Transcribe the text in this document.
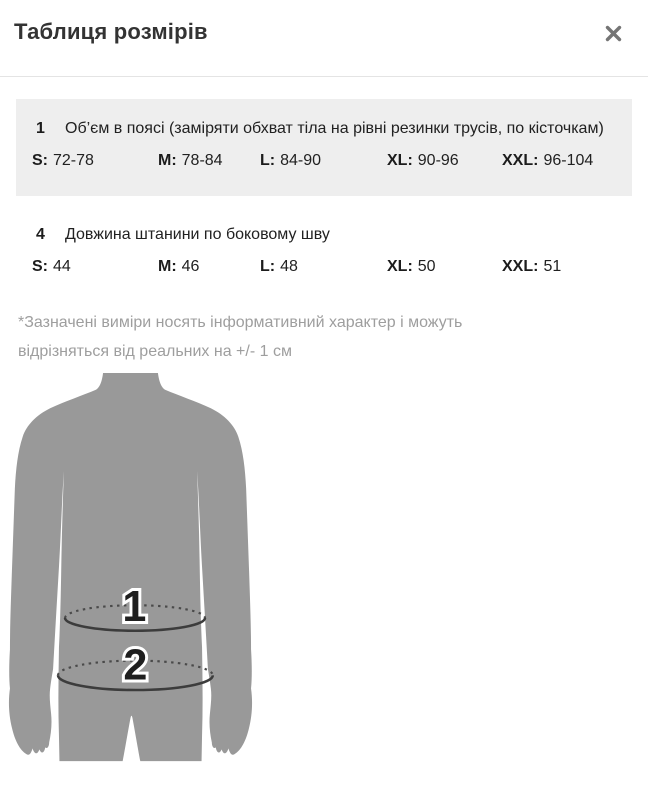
Таблиця розмірів
1	Об’єм в поясі (заміряти обхват тіла на рівні резинки трусів, по кісточкам)
S: 72-78	M: 78-84	L: 84-90	XL: 90-96	XXL: 96-104
4	Довжина штанини по боковому шву
S: 44	M: 46	L: 48	XL: 50	XXL: 51
*Зазначені виміри носять інформативний характер і можуть відрізняться від реальних на +/- 1 см
1
2
